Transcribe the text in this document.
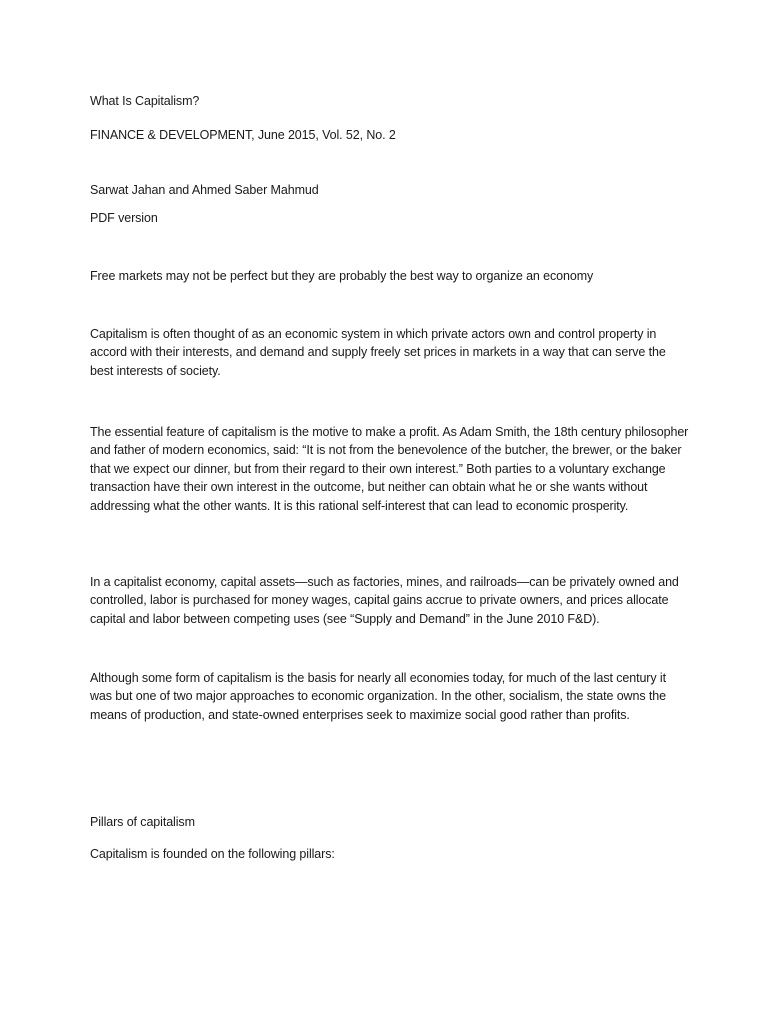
What Is Capitalism?

FINANCE & DEVELOPMENT, June 2015, Vol. 52, No. 2

Sarwat Jahan and Ahmed Saber Mahmud

PDF version

Free markets may not be perfect but they are probably the best way to organize an economy

Capitalism is often thought of as an economic system in which private actors own and control property in accord with their interests, and demand and supply freely set prices in markets in a way that can serve the best interests of society.

The essential feature of capitalism is the motive to make a profit. As Adam Smith, the 18th century philosopher and father of modern economics, said: “It is not from the benevolence of the butcher, the brewer, or the baker that we expect our dinner, but from their regard to their own interest.” Both parties to a voluntary exchange transaction have their own interest in the outcome, but neither can obtain what he or she wants without addressing what the other wants. It is this rational self-interest that can lead to economic prosperity.

In a capitalist economy, capital assets—such as factories, mines, and railroads—can be privately owned and controlled, labor is purchased for money wages, capital gains accrue to private owners, and prices allocate capital and labor between competing uses (see “Supply and Demand” in the June 2010 F&D).

Although some form of capitalism is the basis for nearly all economies today, for much of the last century it was but one of two major approaches to economic organization. In the other, socialism, the state owns the means of production, and state-owned enterprises seek to maximize social good rather than profits.

Pillars of capitalism

Capitalism is founded on the following pillars:
